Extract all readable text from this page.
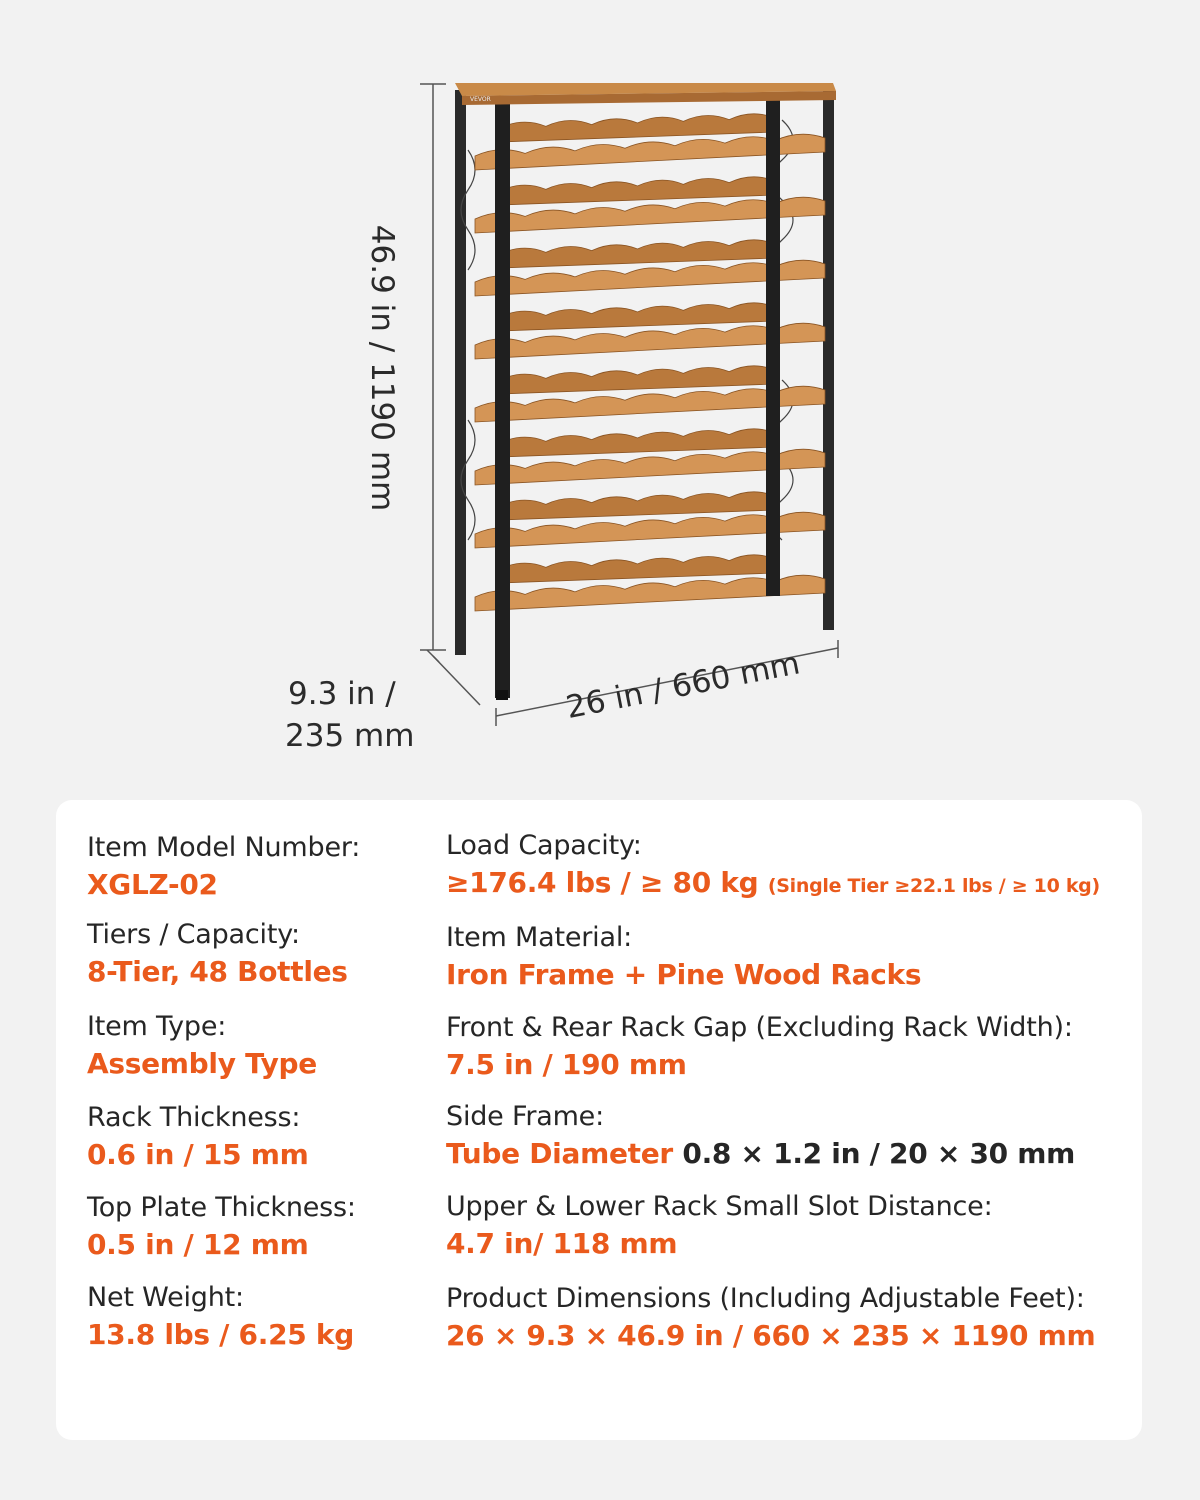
VEVOR
46.9 in / 1190 mm
9.3 in /
235 mm
26 in / 660 mm
Item Model Number:
XGLZ-02
Tiers / Capacity:
8-Tier, 48 Bottles
Item Type:
Assembly Type
Rack Thickness:
0.6 in / 15 mm
Top Plate Thickness:
0.5 in / 12 mm
Net Weight:
13.8 lbs / 6.25 kg
Load Capacity:
≥176.4 lbs / ≥ 80 kg (Single Tier ≥22.1 lbs / ≥ 10 kg)
Item Material:
Iron Frame + Pine Wood Racks
Front & Rear Rack Gap (Excluding Rack Width):
7.5 in / 190 mm
Side Frame:
Tube Diameter 0.8 × 1.2 in / 20 × 30 mm
Upper & Lower Rack Small Slot Distance:
4.7 in/ 118 mm
Product Dimensions (Including Adjustable Feet):
26 × 9.3 × 46.9 in / 660 × 235 × 1190 mm
